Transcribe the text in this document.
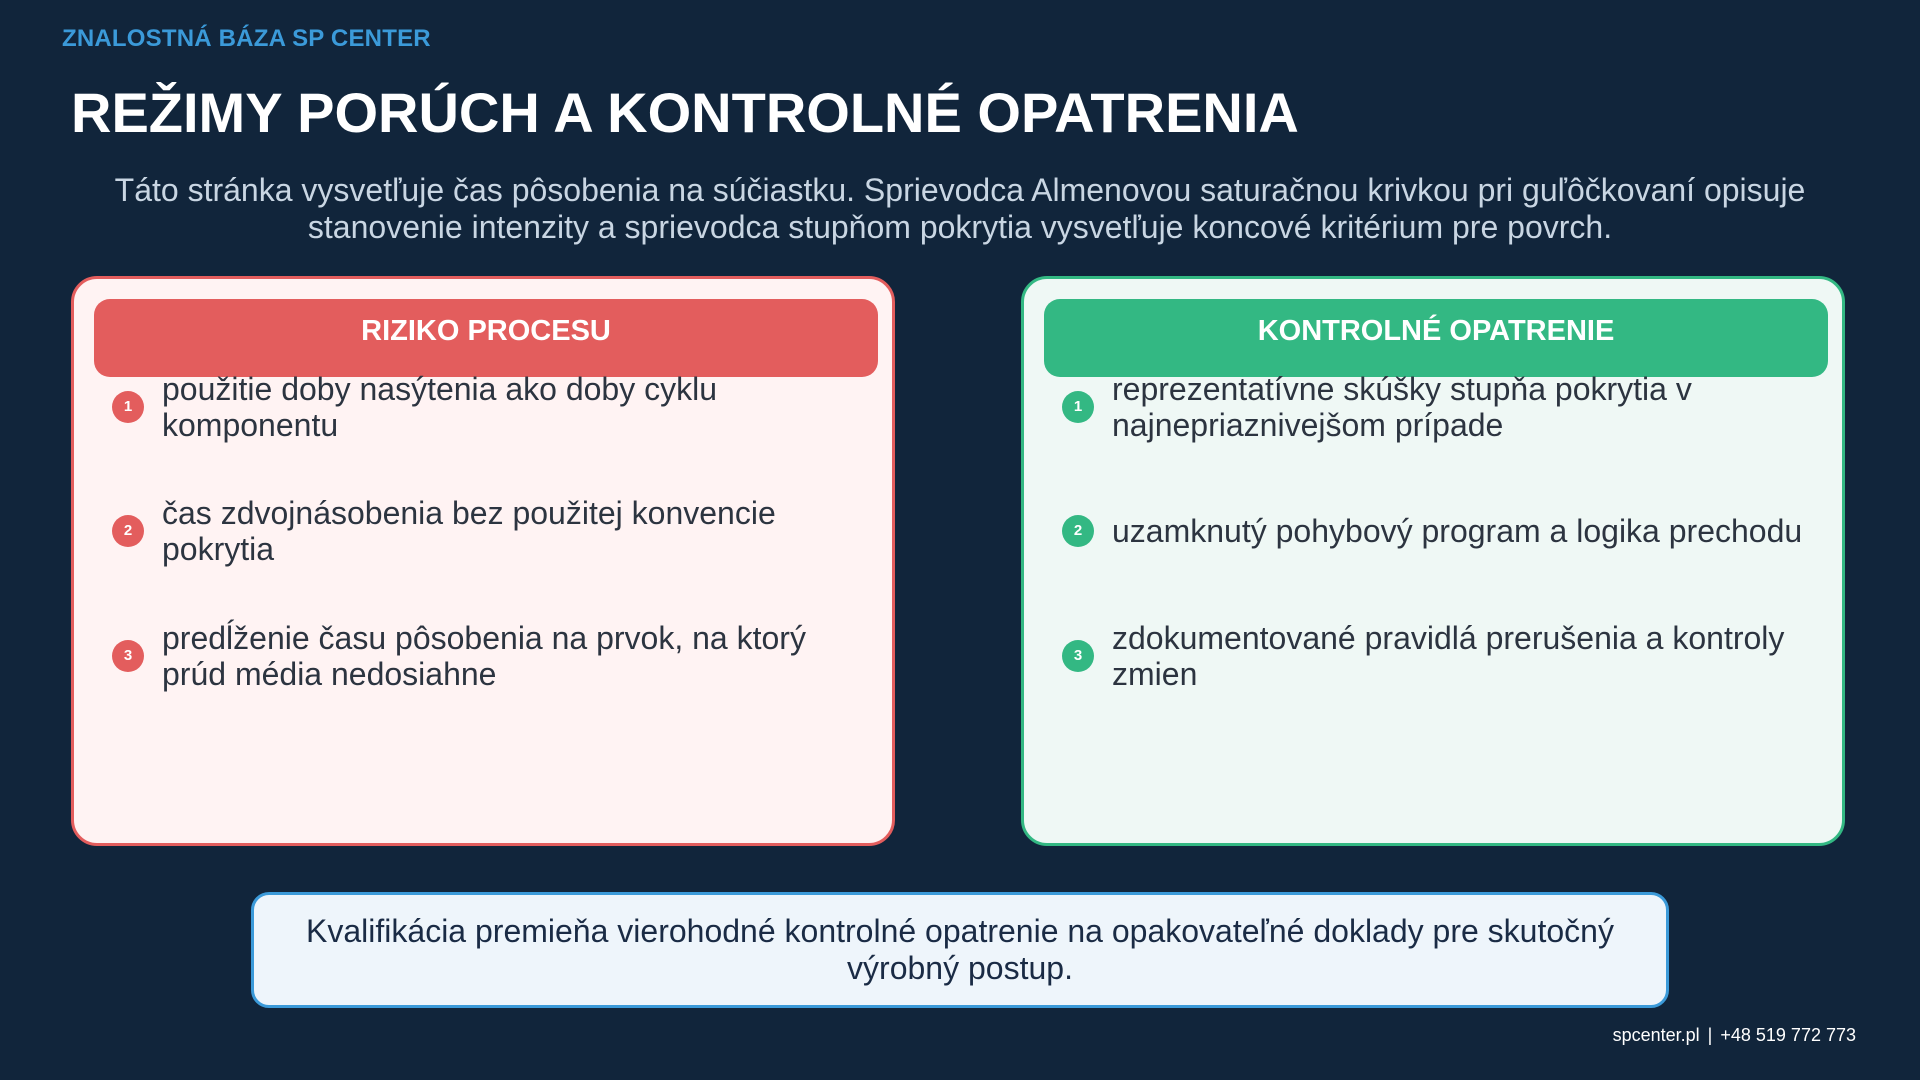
ZNALOSTNÁ BÁZA SP CENTER
REŽIMY PORÚCH A KONTROLNÉ OPATRENIA
Táto stránka vysvetľuje čas pôsobenia na súčiastku. Sprievodca Almenovou saturačnou krivkou pri guľôčkovaní opisuje stanovenie intenzity a sprievodca stupňom pokrytia vysvetľuje koncové kritérium pre povrch.
RIZIKO PROCESU
1 použitie doby nasýtenia ako doby cyklu komponentu
2 čas zdvojnásobenia bez použitej konvencie pokrytia
3 predĺženie času pôsobenia na prvok, na ktorý prúd média nedosiahne
KONTROLNÉ OPATRENIE
1 reprezentatívne skúšky stupňa pokrytia v najnepriaznivejšom prípade
2 uzamknutý pohybový program a logika prechodu
3 zdokumentované pravidlá prerušenia a kontroly zmien
Kvalifikácia premieňa vierohodné kontrolné opatrenie na opakovateľné doklady pre skutočný výrobný postup.
spcenter.pl | +48 519 772 773
